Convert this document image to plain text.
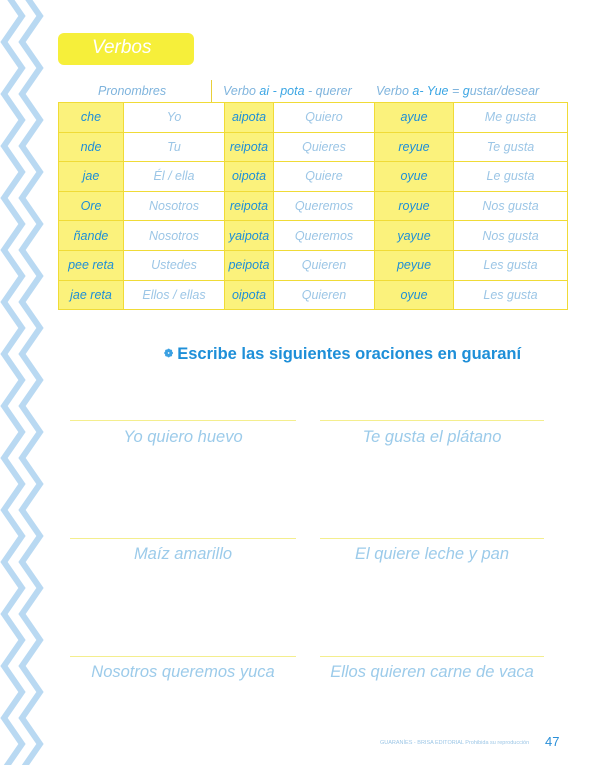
Verbos
Pronombres	Verbo ai - pota - querer Verbo a- Yue = gustar/desear
che	Yo	aipota	Quiero	ayue	Me gusta
nde	Tu	reipota	Quieres	reyue	Te gusta
jae	Él / ella	oipota	Quiere	oyue	Le gusta
Ore	Nosotros	reipota	Queremos	royue	Nos gusta
ñande	Nosotros	yaipota	Queremos	yayue	Nos gusta
pee reta	Ustedes	peipota	Quieren	peyue	Les gusta
jae reta	Ellos / ellas	oipota	Quieren	oyue	Les gusta
❁ Escribe las siguientes oraciones en guaraní
Yo quiero huevo	Te gusta el plátano
Maíz amarillo	El quiere leche y pan
Nosotros queremos yuca	Ellos quieren carne de vaca
GUARANÍES - BRISA EDITORIAL Prohibida su reproducción 47
